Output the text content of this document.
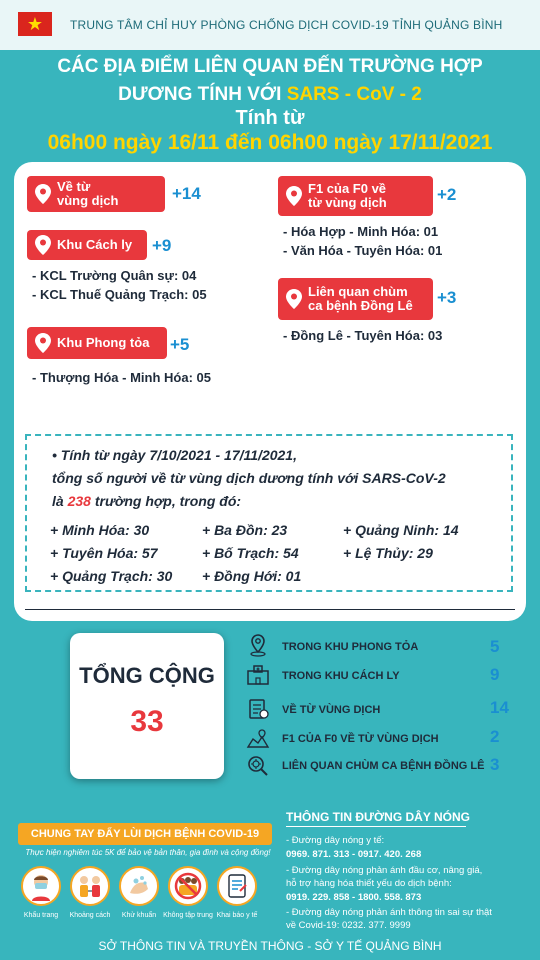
★	TRUNG TÂM CHỈ HUY PHÒNG CHỐNG DỊCH COVID-19 TỈNH QUẢNG BÌNH
CÁC ĐỊA ĐIỂM LIÊN QUAN ĐẾN TRƯỜNG HỢP
DƯƠNG TÍNH VỚI SARS - CoV - 2
Tính từ
06h00 ngày 16/11 đến 06h00 ngày 17/11/2021
Về từ
vùng dịch	+14
Khu Cách ly +9
- KCL Trường Quân sự: 04
- KCL Thuế Quảng Trạch: 05
Khu Phong tỏa +5
- Thượng Hóa - Minh Hóa: 05
F1 của F0 về
từ vùng dịch	+2
- Hóa Hợp - Minh Hóa: 01
- Văn Hóa - Tuyên Hóa: 01
Liên quan chùm
ca bệnh Đồng Lê +3
- Đồng Lê - Tuyên Hóa: 03
• Tính từ ngày 7/10/2021 - 17/11/2021,
tổng số người về từ vùng dịch dương tính với SARS-CoV-2
là 238 trường hợp, trong đó:
+ Minh Hóa: 30	+ Ba Đồn: 23	+ Quảng Ninh: 14
+ Tuyên Hóa: 57	+ Bố Trạch: 54	+ Lệ Thủy: 29
+ Quảng Trạch: 30 + Đồng Hới: 01
TỔNG CỘNG
33
TRONG KHU PHONG TỎA	5
TRONG KHU CÁCH LY	9
VỀ TỪ VÙNG DỊCH	14
F1 CỦA F0 VỀ TỪ VÙNG DỊCH	2
LIÊN QUAN CHÙM CA BỆNH ĐỒNG LÊ 3
CHUNG TAY ĐẨY LÙI DỊCH BỆNH COVID-19
Thực hiện nghiêm túc 5K để bảo vệ bản thân, gia đình và cộng đồng!
Khẩu trang	Khoảng cách	Khử khuẩn Không tập trung Khai báo y tế
THÔNG TIN ĐƯỜNG DÂY NÓNG
- Đường dây nóng y tế:
0969. 871. 313 - 0917. 420. 268
- Đường dây nóng phản ánh đầu cơ, nâng giá,
hỗ trợ hàng hóa thiết yếu do dịch bệnh:
0919. 229. 858 - 1800. 558. 873
- Đường dây nóng phản ánh thông tin sai sự thật
về Covid-19: 0232. 377. 9999
SỞ THÔNG TIN VÀ TRUYỀN THÔNG - SỞ Y TẾ QUẢNG BÌNH
